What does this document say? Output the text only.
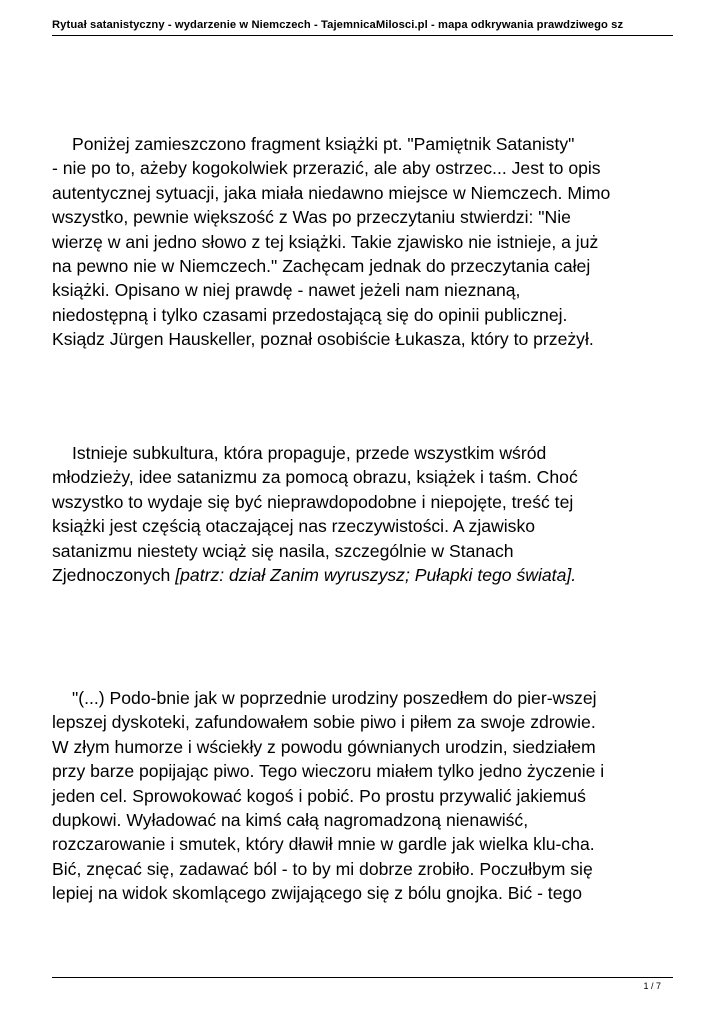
Rytuał satanistyczny - wydarzenie w Niemczech - TajemnicaMilosci.pl - mapa odkrywania prawdziwego sz
Poniżej zamieszczono fragment książki pt. "Pamiętnik Satanisty"
- nie po to, ażeby kogokolwiek przerazić, ale aby ostrzec... Jest to opis
autentycznej sytuacji, jaka miała niedawno miejsce w Niemczech. Mimo
wszystko, pewnie większość z Was po przeczytaniu stwierdzi: "Nie
wierzę w ani jedno słowo z tej książki. Takie zjawisko nie istnieje, a już
na pewno nie w Niemczech." Zachęcam jednak do przeczytania całej
książki. Opisano w niej prawdę - nawet jeżeli nam nieznaną,
niedostępną i tylko czasami przedostającą się do opinii publicznej.
Ksiądz Jürgen Hauskeller, poznał osobiście Łukasza, który to przeżył.
Istnieje subkultura, która propaguje, przede wszystkim wśród
młodzieży, idee satanizmu za pomocą obrazu, książek i taśm. Choć
wszystko to wydaje się być nieprawdopodobne i niepojęte, treść tej
książki jest częścią otaczającej nas rzeczywistości. A zjawisko
satanizmu niestety wciąż się nasila, szczególnie w Stanach
Zjednoczonych [patrz: dział Zanim wyruszysz; Pułapki tego świata].
"(...) Podo-bnie jak w poprzednie urodziny poszedłem do pier-wszej
lepszej dyskoteki, zafundowałem sobie piwo i piłem za swoje zdrowie.
W złym humorze i wściekły z powodu gównianych urodzin, siedziałem
przy barze popijając piwo. Tego wieczoru miałem tylko jedno życzenie i
jeden cel. Sprowokować kogoś i pobić. Po prostu przywalić jakiemuś
dupkowi. Wyładować na kimś całą nagromadzoną nienawiść,
rozczarowanie i smutek, który dławił mnie w gardle jak wielka klu-cha.
Bić, znęcać się, zadawać ból - to by mi dobrze zrobiło. Poczułbym się
lepiej na widok skomlącego zwijającego się z bólu gnojka. Bić - tego
1 / 7
